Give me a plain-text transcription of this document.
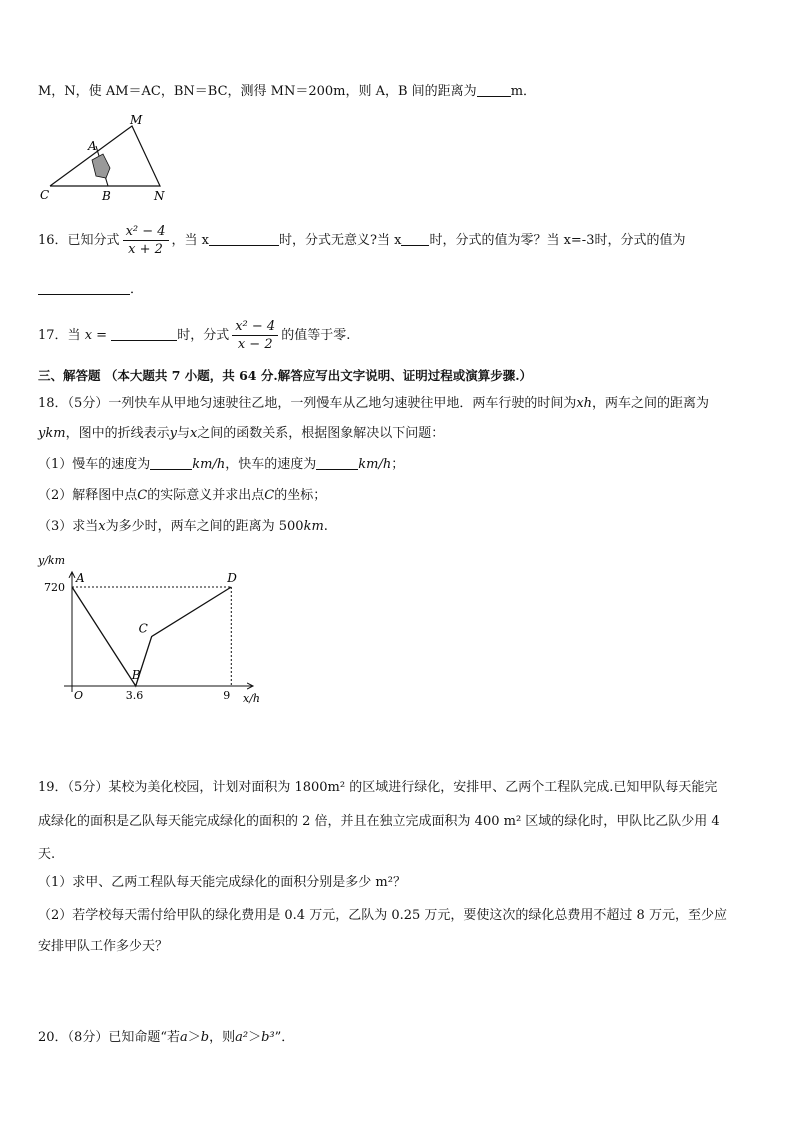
M，N，使 AM＝AC，BN＝BC，测得 MN＝200m，则 A，B 间的距离为	m．
M
A
C	B	N
16．已知分式 $\frac{\text{x² − 4}}{x + 2}$ ，当 x	时，分式无意义?当 x 时，分式的值为零？当 x=-3时，分式的值为
．
17．当 x =	时，分式 $\frac{\text{x² − 4}}{x - 2}$ 的值等于零.
三、解答题 （本大题共 7 小题，共 64 分.解答应写出文字说明、证明过程或演算步骤.）
18．（5分）一列快车从甲地匀速驶往乙地，一列慢车从乙地匀速驶往甲地．两车行驶的时间为xh，两车之间的距离为
ykm，图中的折线表示y与x之间的函数关系，根据图象解决以下问题：
（1）慢车的速度为	km/h，快车的速度为	km/h；
（2）解释图中点C的实际意义并求出点C的坐标；
（3）求当x为多少时，两车之间的距离为 500km.
A
B
C
D
3.6	9
720
y/km
x/h
O
19．（5分）某校为美化校园，计划对面积为 1800m² 的区域进行绿化，安排甲、乙两个工程队完成.已知甲队每天能完
成绿化的面积是乙队每天能完成绿化的面积的 2 倍，并且在独立完成面积为 400 m² 区域的绿化时，甲队比乙队少用 4
天.
（1）求甲、乙两工程队每天能完成绿化的面积分别是多少 m²？
（2）若学校每天需付给甲队的绿化费用是 0.4 万元，乙队为 0.25 万元，要使这次的绿化总费用不超过 8 万元，至少应
安排甲队工作多少天？
20．（8分）已知命题“若a＞b，则a²＞b³”．
